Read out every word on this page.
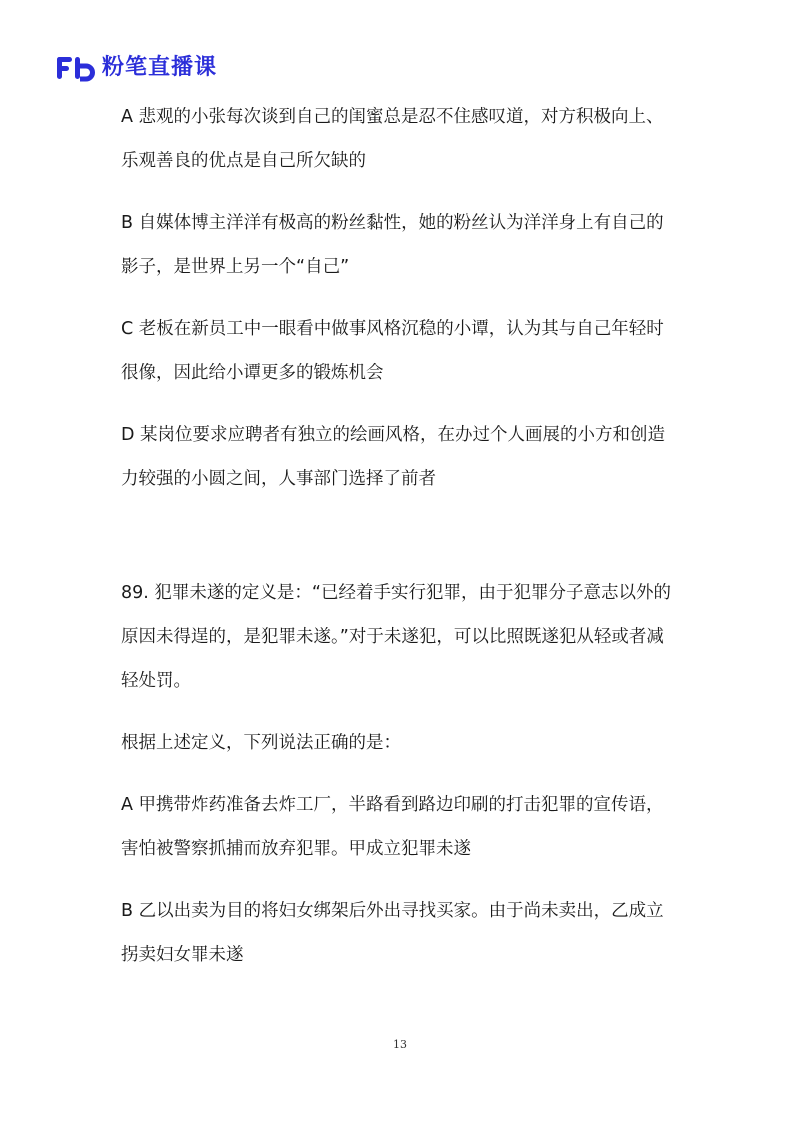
粉笔直播课

A 悲观的小张每次谈到自己的闺蜜总是忍不住感叹道，对方积极向上、乐观善良的优点是自己所欠缺的

B 自媒体博主洋洋有极高的粉丝黏性，她的粉丝认为洋洋身上有自己的影子，是世界上另一个“自己”

C 老板在新员工中一眼看中做事风格沉稳的小谭，认为其与自己年轻时很像，因此给小谭更多的锻炼机会

D 某岗位要求应聘者有独立的绘画风格，在办过个人画展的小方和创造力较强的小圆之间，人事部门选择了前者

89. 犯罪未遂的定义是：“已经着手实行犯罪，由于犯罪分子意志以外的原因未得逞的，是犯罪未遂。”对于未遂犯，可以比照既遂犯从轻或者减轻处罚。

根据上述定义，下列说法正确的是：

A 甲携带炸药准备去炸工厂，半路看到路边印刷的打击犯罪的宣传语，害怕被警察抓捕而放弃犯罪。甲成立犯罪未遂

B 乙以出卖为目的将妇女绑架后外出寻找买家。由于尚未卖出，乙成立拐卖妇女罪未遂

13
